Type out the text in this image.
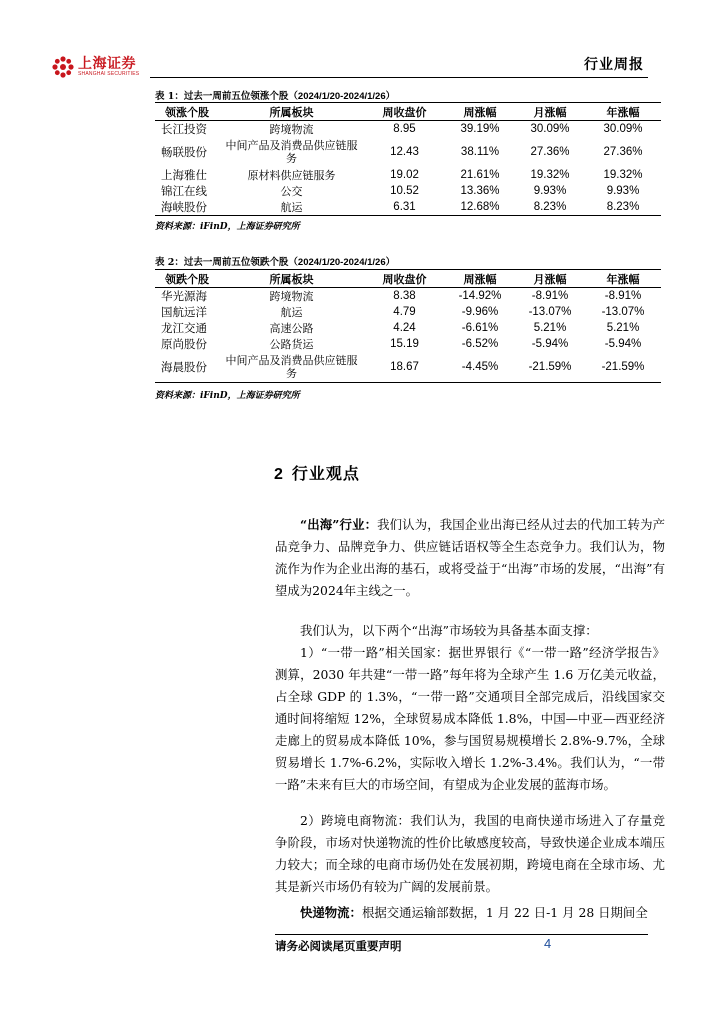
上海证券
SHANGHAI SECURITIES
行业周报
表 1：过去一周前五位领涨个股（2024/1/20-2024/1/26）
领涨个股	所属板块	周收盘价	周涨幅	月涨幅	年涨幅
长江投资	跨境物流	8.95	39.19%	30.09%	30.09%
畅联股份	中间产品及消费品供应链服务	12.43	38.11%	27.36%	27.36%
上海雅仕	原材料供应链服务	19.02	21.61%	19.32%	19.32%
锦江在线	公交	10.52	13.36%	9.93%	9.93%
海峡股份	航运	6.31	12.68%	8.23%	8.23%
资料来源：iFinD，上海证券研究所
表 2：过去一周前五位领跌个股（2024/1/20-2024/1/26）
领跌个股	所属板块	周收盘价	周涨幅	月涨幅	年涨幅
华光源海	跨境物流	8.38	-14.92%	-8.91%	-8.91%
国航远洋	航运	4.79	-9.96%	-13.07%	-13.07%
龙江交通	高速公路	4.24	-6.61%	5.21%	5.21%
原尚股份	公路货运	15.19	-6.52%	-5.94%	-5.94%
海晨股份	中间产品及消费品供应链服务	18.67	-4.45%	-21.59%	-21.59%
资料来源：iFinD，上海证券研究所
2 行业观点
“出海”行业：我们认为，我国企业出海已经从过去的代加工转为产品竞争力、品牌竞争力、供应链话语权等全生态竞争力。我们认为，物流作为作为企业出海的基石，或将受益于“出海”市场的发展，“出海”有望成为2024年主线之一。
我们认为，以下两个“出海”市场较为具备基本面支撑：
1）“一带一路”相关国家：据世界银行《“一带一路”经济学报告》测算，2030 年共建“一带一路”每年将为全球产生 1.6 万亿美元收益，占全球 GDP 的 1.3%，“一带一路”交通项目全部完成后，沿线国家交通时间将缩短 12%，全球贸易成本降低 1.8%，中国—中亚—西亚经济走廊上的贸易成本降低 10%，参与国贸易规模增长 2.8%-9.7%，全球贸易增长 1.7%-6.2%，实际收入增长 1.2%-3.4%。我们认为，“一带一路”未来有巨大的市场空间，有望成为企业发展的蓝海市场。
2）跨境电商物流：我们认为，我国的电商快递市场进入了存量竞争阶段，市场对快递物流的性价比敏感度较高，导致快递企业成本端压力较大；而全球的电商市场仍处在发展初期，跨境电商在全球市场、尤其是新兴市场仍有较为广阔的发展前景。
快递物流：根据交通运输部数据，1 月 22 日-1 月 28 日期间全
请务必阅读尾页重要声明	4
